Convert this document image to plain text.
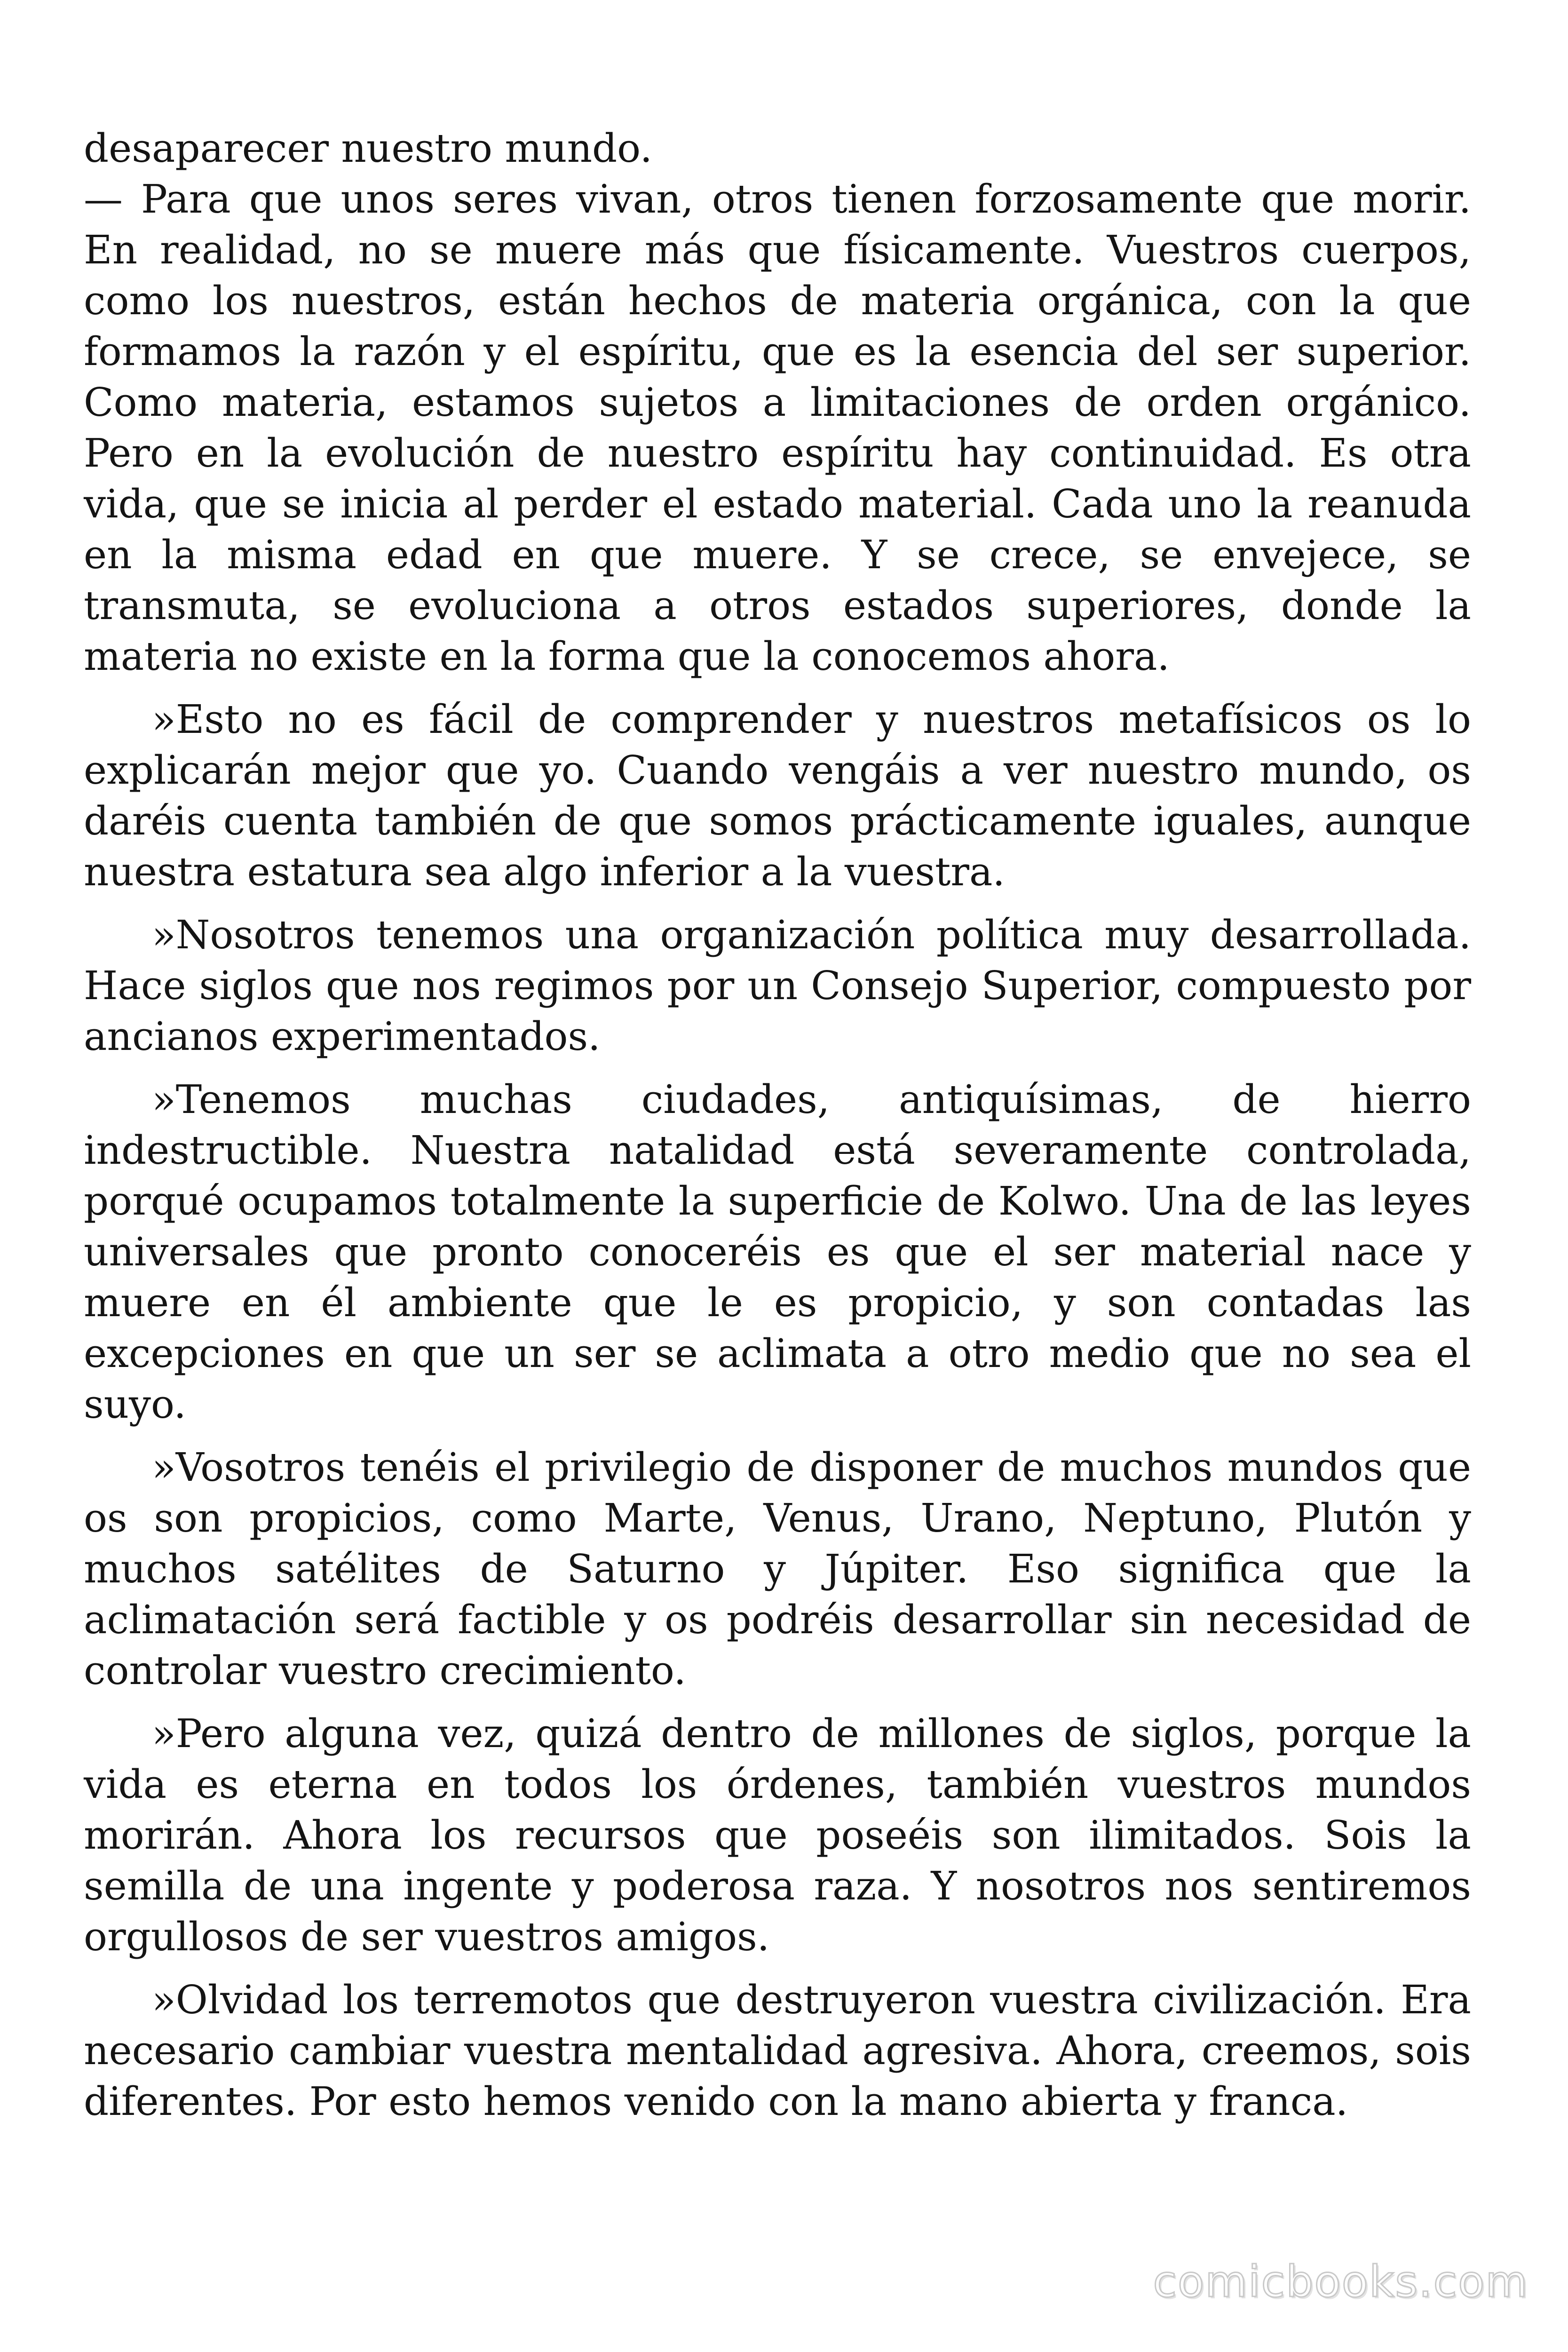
desaparecer nuestro mundo.

— Para que unos seres vivan, otros tienen forzosamente que morir. En realidad, no se muere más que físicamente. Vuestros cuerpos, como los nuestros, están hechos de materia orgánica, con la que formamos la razón y el espíritu, que es la esencia del ser superior. Como materia, estamos sujetos a limitaciones de orden orgánico. Pero en la evolución de nuestro espíritu hay continuidad. Es otra vida, que se inicia al perder el estado material. Cada uno la reanuda en la misma edad en que muere. Y se crece, se envejece, se transmuta, se evoluciona a otros estados superiores, donde la materia no existe en la forma que la conocemos ahora.

»Esto no es fácil de comprender y nuestros metafísicos os lo explicarán mejor que yo. Cuando vengáis a ver nuestro mundo, os daréis cuenta también de que somos prácticamente iguales, aunque nuestra estatura sea algo inferior a la vuestra.

»Nosotros tenemos una organización política muy desarrollada. Hace siglos que nos regimos por un Consejo Superior, compuesto por ancianos experimentados.

»Tenemos muchas ciudades, antiquísimas, de hierro indestructible. Nuestra natalidad está severamente controlada, porqué ocupamos totalmente la superficie de Kolwo. Una de las leyes universales que pronto conoceréis es que el ser material nace y muere en él ambiente que le es propicio, y son contadas las excepciones en que un ser se aclimata a otro medio que no sea el suyo.

»Vosotros tenéis el privilegio de disponer de muchos mundos que os son propicios, como Marte, Venus, Urano, Neptuno, Plutón y muchos satélites de Saturno y Júpiter. Eso significa que la aclimatación será factible y os podréis desarrollar sin necesidad de controlar vuestro crecimiento.

»Pero alguna vez, quizá dentro de millones de siglos, porque la vida es eterna en todos los órdenes, también vuestros mundos morirán. Ahora los recursos que poseéis son ilimitados. Sois la semilla de una ingente y poderosa raza. Y nosotros nos sentiremos orgullosos de ser vuestros amigos.

»Olvidad los terremotos que destruyeron vuestra civilización. Era necesario cambiar vuestra mentalidad agresiva. Ahora, creemos, sois diferentes. Por esto hemos venido con la mano abierta y franca.

comicbooks.com
